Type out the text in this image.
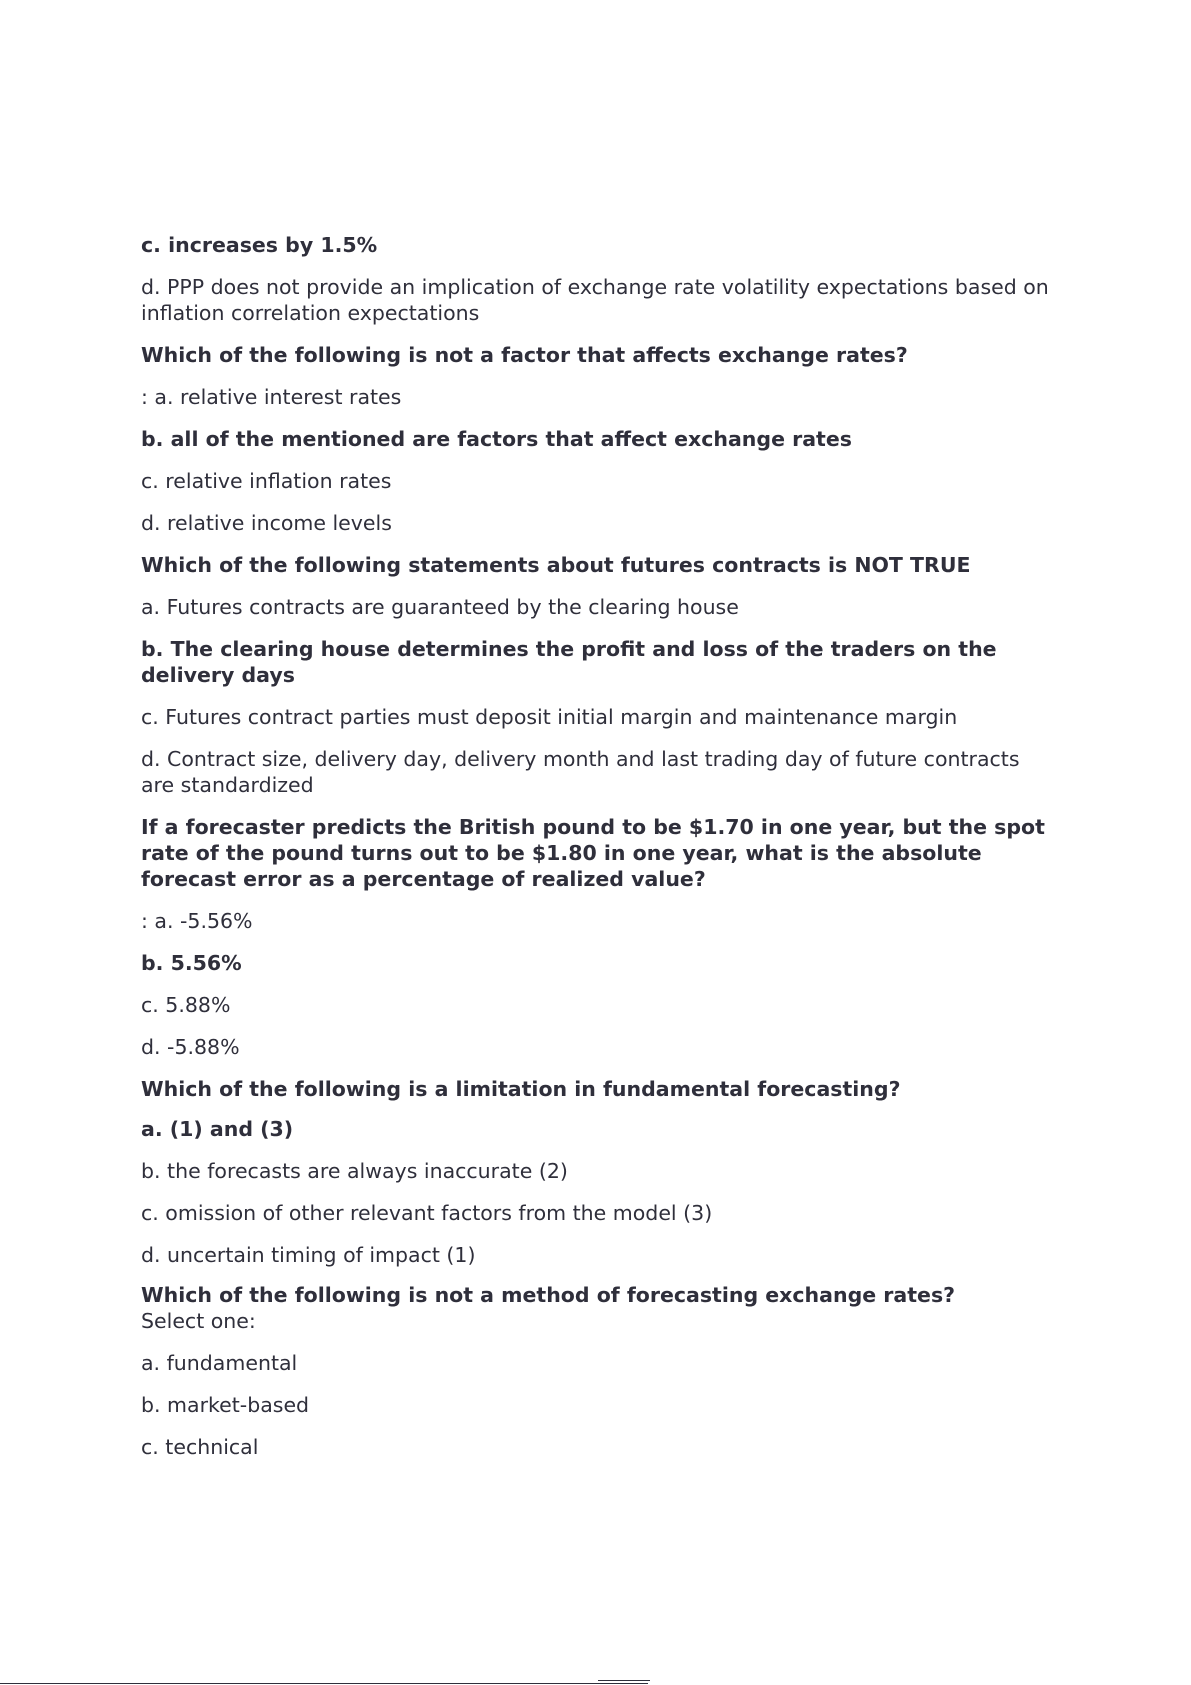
c. increases by 1.5%

d. PPP does not provide an implication of exchange rate volatility expectations based on inflation correlation expectations

Which of the following is not a factor that affects exchange rates?

: a. relative interest rates

b. all of the mentioned are factors that affect exchange rates

c. relative inflation rates

d. relative income levels

Which of the following statements about futures contracts is NOT TRUE

a. Futures contracts are guaranteed by the clearing house

b. The clearing house determines the profit and loss of the traders on the delivery days

c. Futures contract parties must deposit initial margin and maintenance margin

d. Contract size, delivery day, delivery month and last trading day of future contracts are standardized

If a forecaster predicts the British pound to be $1.70 in one year, but the spot rate of the pound turns out to be $1.80 in one year, what is the absolute forecast error as a percentage of realized value?

: a. -5.56%

b. 5.56%

c. 5.88%

d. -5.88%

Which of the following is a limitation in fundamental forecasting?

a. (1) and (3)

b. the forecasts are always inaccurate (2)

c. omission of other relevant factors from the model (3)

d. uncertain timing of impact (1)

Which of the following is not a method of forecasting exchange rates?
Select one:

a. fundamental

b. market-based

c. technical
